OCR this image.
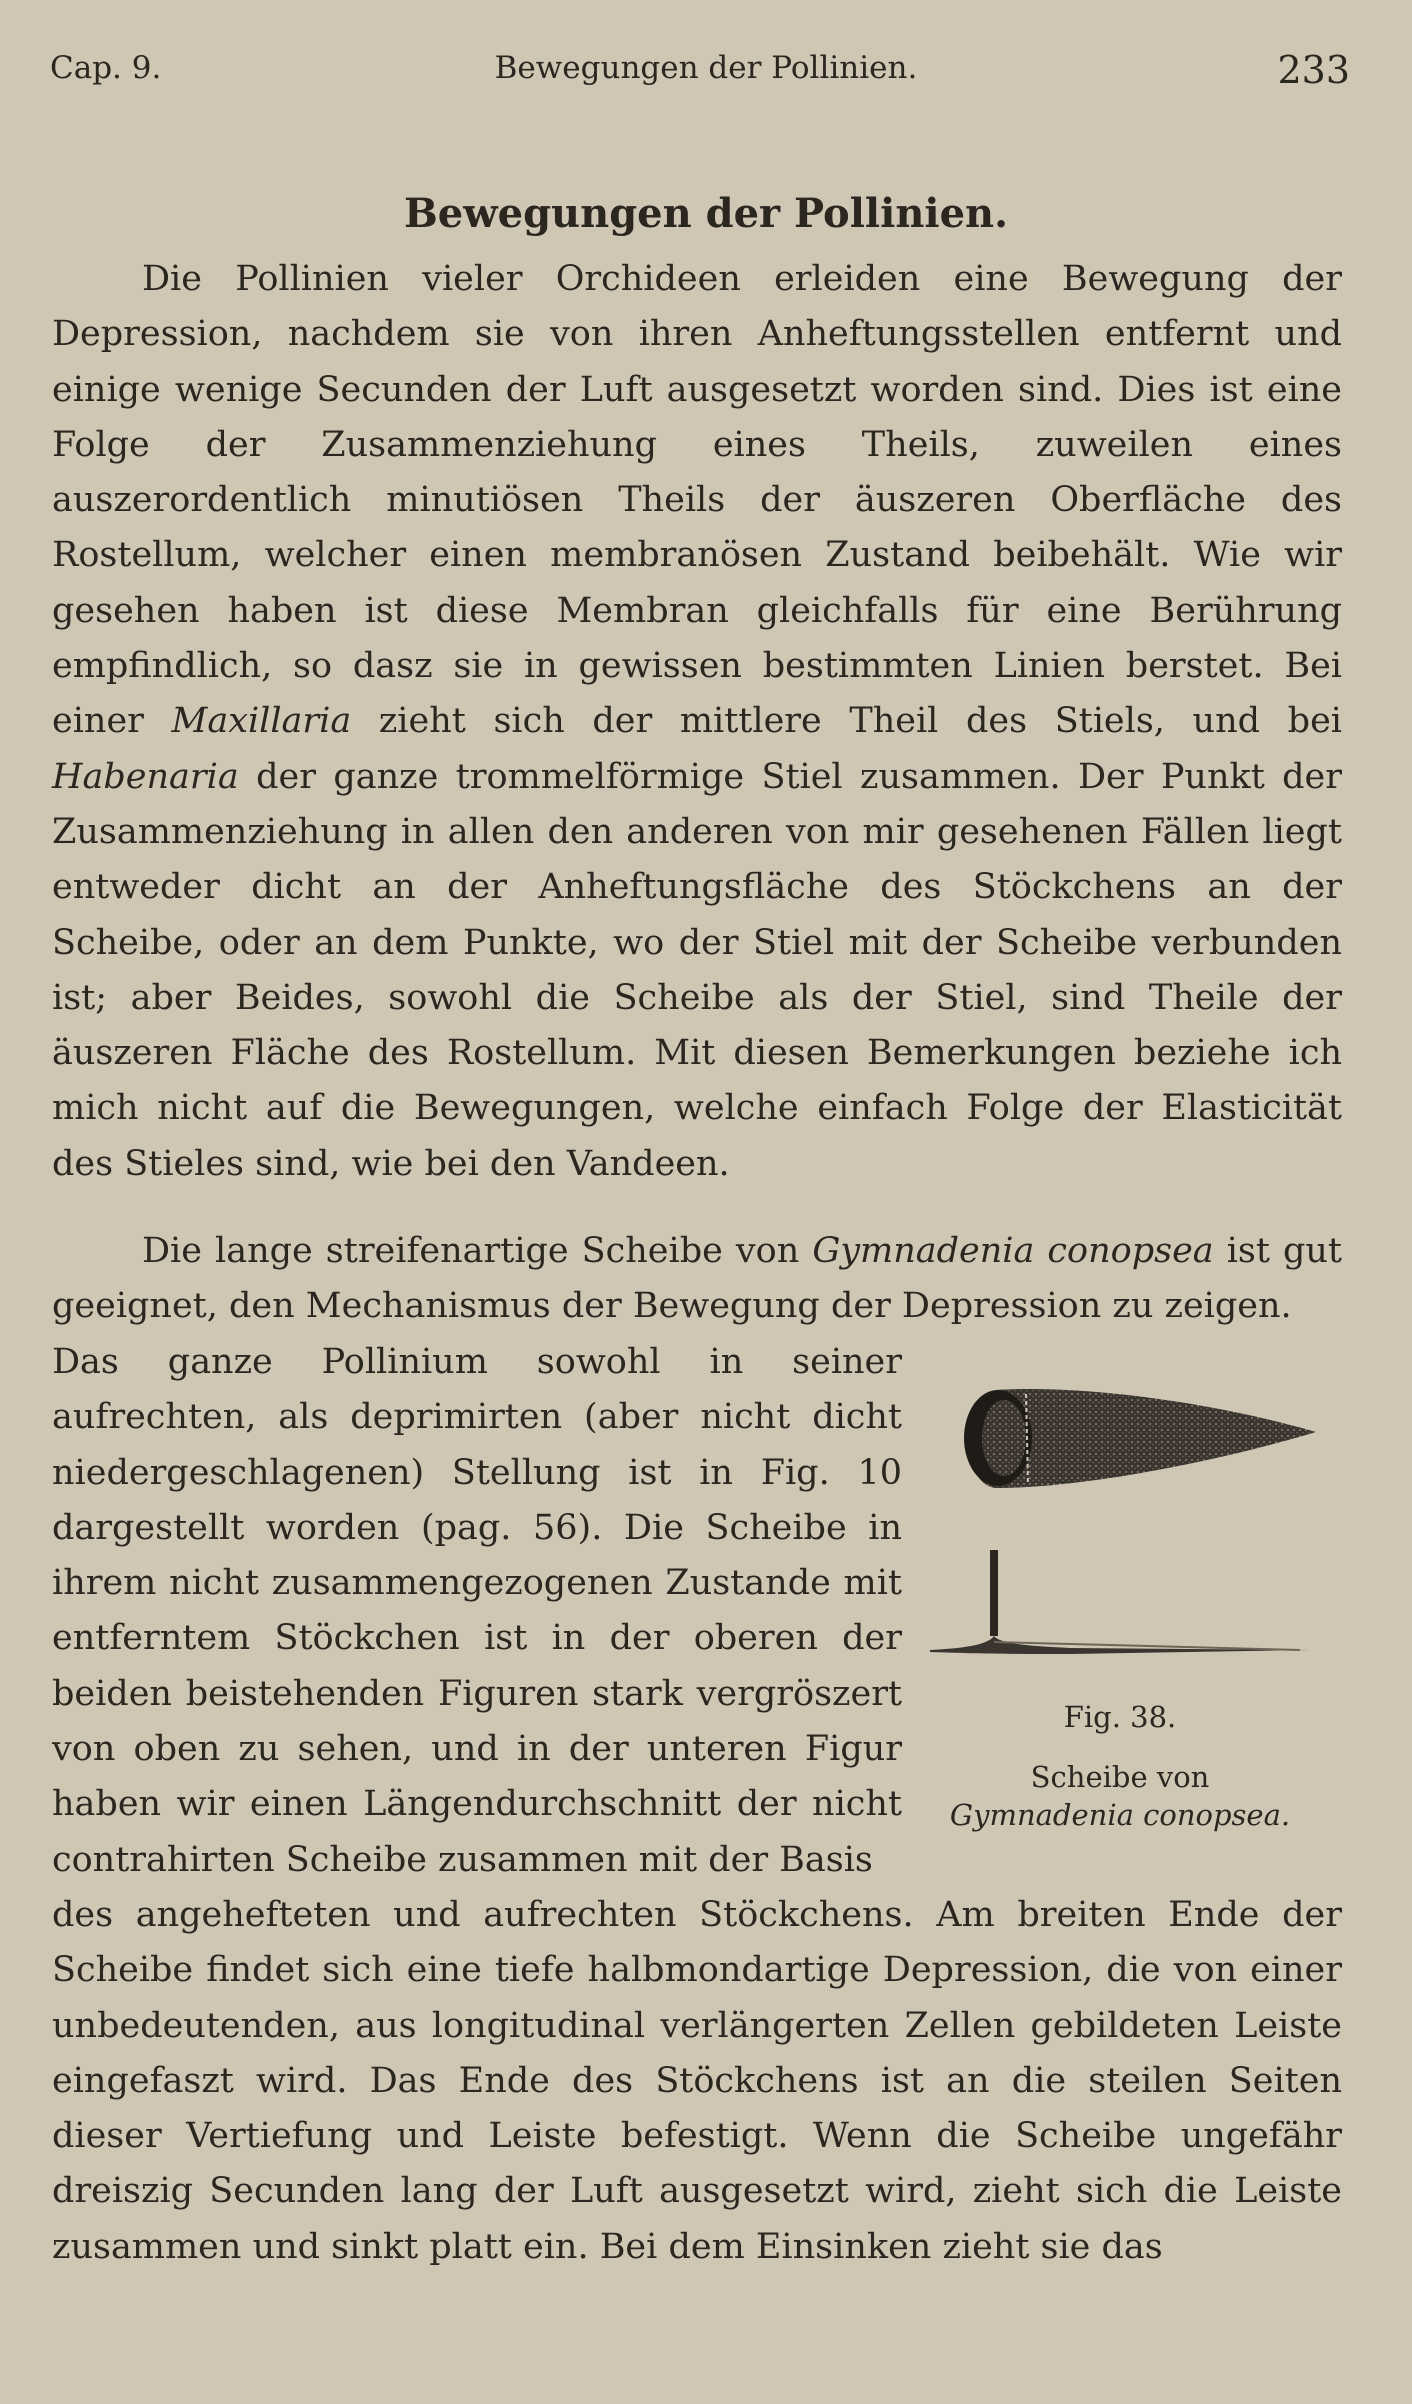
Cap. 9.	Bewegungen der Pollinien.	233
Bewegungen der Pollinien.

Die Pollinien vieler Orchideen erleiden eine Bewegung der Depression, nachdem sie von ihren Anheftungsstellen entfernt und einige wenige Secunden der Luft ausgesetzt worden sind. Dies ist eine Folge der Zusammenziehung eines Theils, zuweilen eines auszerordentlich minutiösen Theils der äuszeren Oberfläche des Rostellum, welcher einen membranösen Zustand beibehält. Wie wir gesehen haben ist diese Membran gleichfalls für eine Berührung empfindlich, so dasz sie in gewissen bestimmten Linien berstet. Bei einer Maxillaria zieht sich der mittlere Theil des Stiels, und bei Habenaria der ganze trommelförmige Stiel zusammen. Der Punkt der Zusammenziehung in allen den anderen von mir gesehenen Fällen liegt entweder dicht an der Anheftungsfläche des Stöckchens an der Scheibe, oder an dem Punkte, wo der Stiel mit der Scheibe verbunden ist; aber Beides, sowohl die Scheibe als der Stiel, sind Theile der äuszeren Fläche des Rostellum. Mit diesen Bemerkungen beziehe ich mich nicht auf die Bewegungen, welche einfach Folge der Elasticität des Stieles sind, wie bei den Vandeen.

Die lange streifenartige Scheibe von Gymnadenia conopsea ist gut geeignet, den Mechanismus der Bewegung der Depression zu zeigen.

Das ganze Pollinium sowohl in seiner aufrechten, als deprimirten (aber nicht dicht niedergeschlagenen) Stellung ist in Fig. 10 dargestellt worden (pag. 56). Die Scheibe in ihrem nicht zusammengezogenen Zustande mit entferntem Stöckchen ist in der oberen der beiden beistehenden Figuren stark vergröszert von oben zu sehen, und in der unteren Figur haben wir einen Längendurchschnitt der nicht contrahirten Scheibe zusammen mit der Basis

des angehefteten und aufrechten Stöckchens. Am breiten Ende der Scheibe findet sich eine tiefe halbmondartige Depression, die von einer unbedeutenden, aus longitudinal verlängerten Zellen gebildeten Leiste eingefaszt wird. Das Ende des Stöckchens ist an die steilen Seiten dieser Vertiefung und Leiste befestigt. Wenn die Scheibe ungefähr dreiszig Secunden lang der Luft ausgesetzt wird, zieht sich die Leiste zusammen und sinkt platt ein. Bei dem Einsinken zieht sie das

Fig. 38.
Scheibe von
Gymnadenia conopsea.
